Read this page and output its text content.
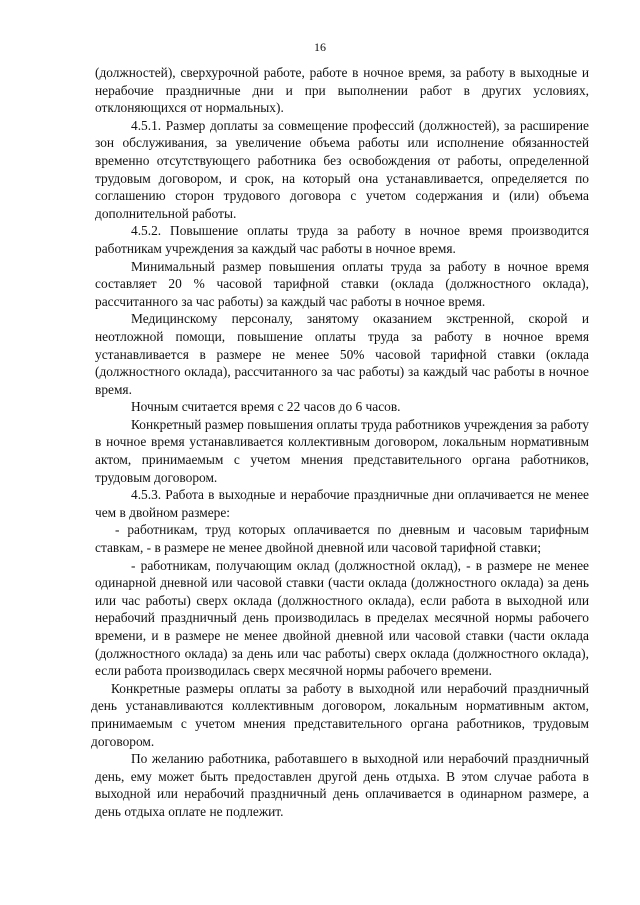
16

(должностей), сверхурочной работе, работе в ночное время, за работу в выходные и нерабочие праздничные дни и при выполнении работ в других условиях, отклоняющихся от нормальных).

4.5.1. Размер доплаты за совмещение профессий (должностей), за расширение зон обслуживания, за увеличение объема работы или исполнение обязанностей временно отсутствующего работника без освобождения от работы, определенной трудовым договором, и срок, на который она устанавливается, определяется по соглашению сторон трудового договора с учетом содержания и (или) объема дополнительной работы.

4.5.2. Повышение оплаты труда за работу в ночное время производится работникам учреждения за каждый час работы в ночное время.

Минимальный размер повышения оплаты труда за работу в ночное время составляет 20 % часовой тарифной ставки (оклада (должностного оклада), рассчитанного за час работы) за каждый час работы в ночное время.

Медицинскому персоналу, занятому оказанием экстренной, скорой и неотложной помощи, повышение оплаты труда за работу в ночное время устанавливается в размере не менее 50% часовой тарифной ставки (оклада (должностного оклада), рассчитанного за час работы) за каждый час работы в ночное время.

Ночным считается время с 22 часов до 6 часов.

Конкретный размер повышения оплаты труда работников учреждения за работу в ночное время устанавливается коллективным договором, локальным нормативным актом, принимаемым с учетом мнения представительного органа работников, трудовым договором.

4.5.3. Работа в выходные и нерабочие праздничные дни оплачивается не менее чем в двойном размере:

- работникам, труд которых оплачивается по дневным и часовым тарифным ставкам, - в размере не менее двойной дневной или часовой тарифной ставки;

- работникам, получающим оклад (должностной оклад), - в размере не менее одинарной дневной или часовой ставки (части оклада (должностного оклада) за день или час работы) сверх оклада (должностного оклада), если работа в выходной или нерабочий праздничный день производилась в пределах месячной нормы рабочего времени, и в размере не менее двойной дневной или часовой ставки (части оклада (должностного оклада) за день или час работы) сверх оклада (должностного оклада), если работа производилась сверх месячной нормы рабочего времени.

Конкретные размеры оплаты за работу в выходной или нерабочий праздничный день устанавливаются коллективным договором, локальным нормативным актом, принимаемым с учетом мнения представительного органа работников, трудовым договором.

По желанию работника, работавшего в выходной или нерабочий праздничный день, ему может быть предоставлен другой день отдыха. В этом случае работа в выходной или нерабочий праздничный день оплачивается в одинарном размере, а день отдыха оплате не подлежит.
